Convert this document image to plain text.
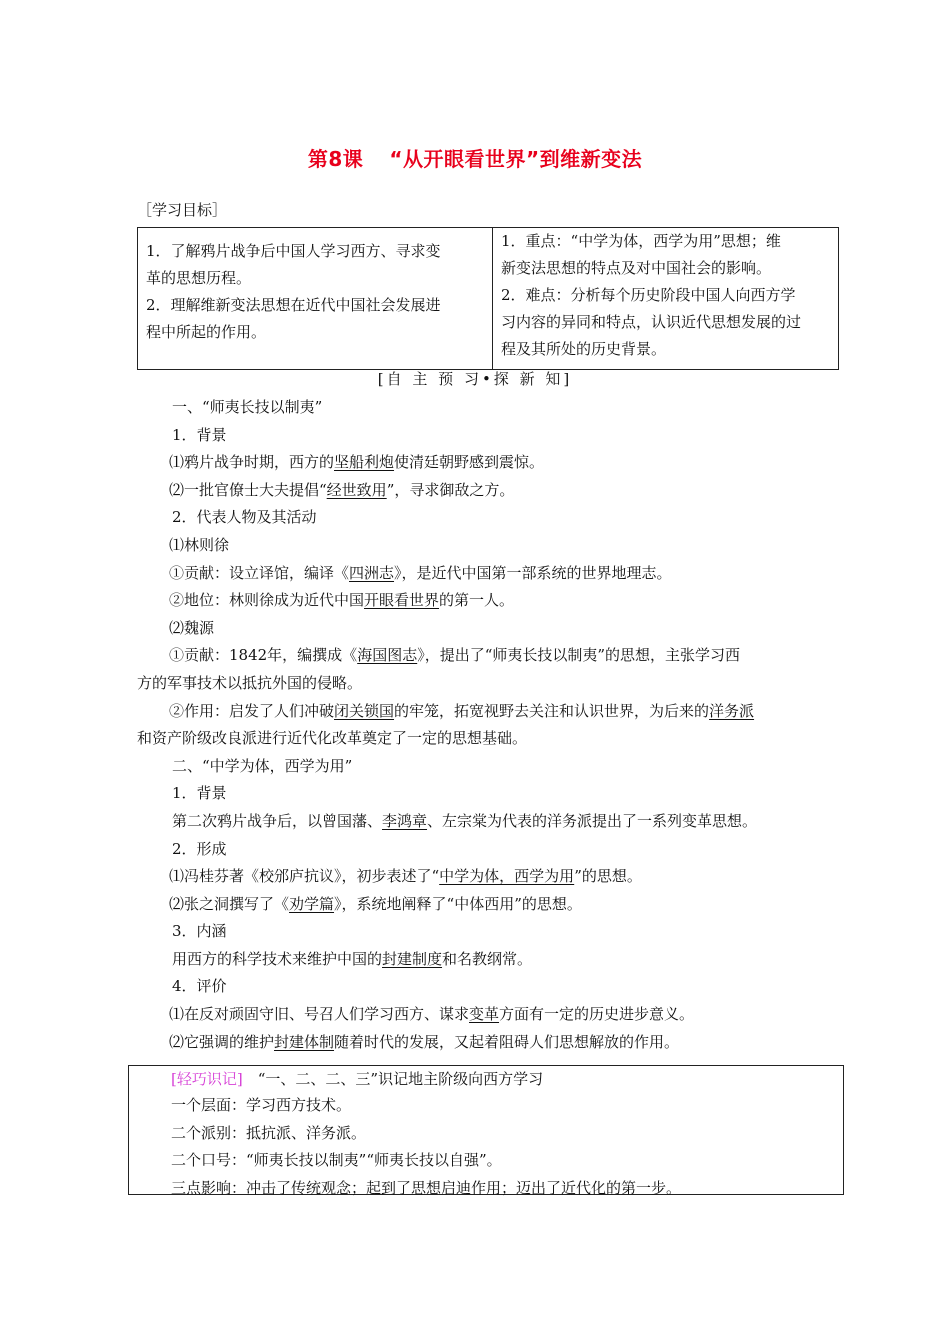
第8课 “从开眼看世界”到维新变法
［学习目标］
1．了解鸦片战争后中国人学习西方、寻求变
革的思想历程。
2．理解维新变法思想在近代中国社会发展进
程中所起的作用。

1．重点：“中学为体，西学为用”思想；维
新变法思想的特点及对中国社会的影响。
2．难点：分析每个历史阶段中国人向西方学
习内容的异同和特点，认识近代思想发展的过
程及其所处的历史背景。
[自 主 预 习•探 新 知]
一、“师夷长技以制夷”
1．背景
⑴鸦片战争时期，西方的坚船利炮使清廷朝野感到震惊。
⑵一批官僚士大夫提倡“经世致用”，寻求御敌之方。
2．代表人物及其活动
⑴林则徐
①贡献：设立译馆，编译《四洲志》，是近代中国第一部系统的世界地理志。
②地位：林则徐成为近代中国开眼看世界的第一人。
⑵魏源
①贡献：1842年，编撰成《海国图志》，提出了“师夷长技以制夷”的思想，主张学习西
方的军事技术以抵抗外国的侵略。
②作用：启发了人们冲破闭关锁国的牢笼，拓宽视野去关注和认识世界，为后来的洋务派
和资产阶级改良派进行近代化改革奠定了一定的思想基础。
二、“中学为体，西学为用”
1．背景
第二次鸦片战争后，以曾国藩、李鸿章、左宗棠为代表的洋务派提出了一系列变革思想。
2．形成
⑴冯桂芬著《校邠庐抗议》，初步表述了“中学为体，西学为用”的思想。
⑵张之洞撰写了《劝学篇》，系统地阐释了“中体西用”的思想。
3．内涵
用西方的科学技术来维护中国的封建制度和名教纲常。
4．评价
⑴在反对顽固守旧、号召人们学习西方、谋求变革方面有一定的历史进步意义。
⑵它强调的维护封建体制随着时代的发展，又起着阻碍人们思想解放的作用。
[轻巧识记]　 “一、二、二、三”识记地主阶级向西方学习
一个层面：学习西方技术。
二个派别：抵抗派、洋务派。
二个口号：“师夷长技以制夷”“师夷长技以自强”。
三点影响：冲击了传统观念；起到了思想启迪作用；迈出了近代化的第一步。
